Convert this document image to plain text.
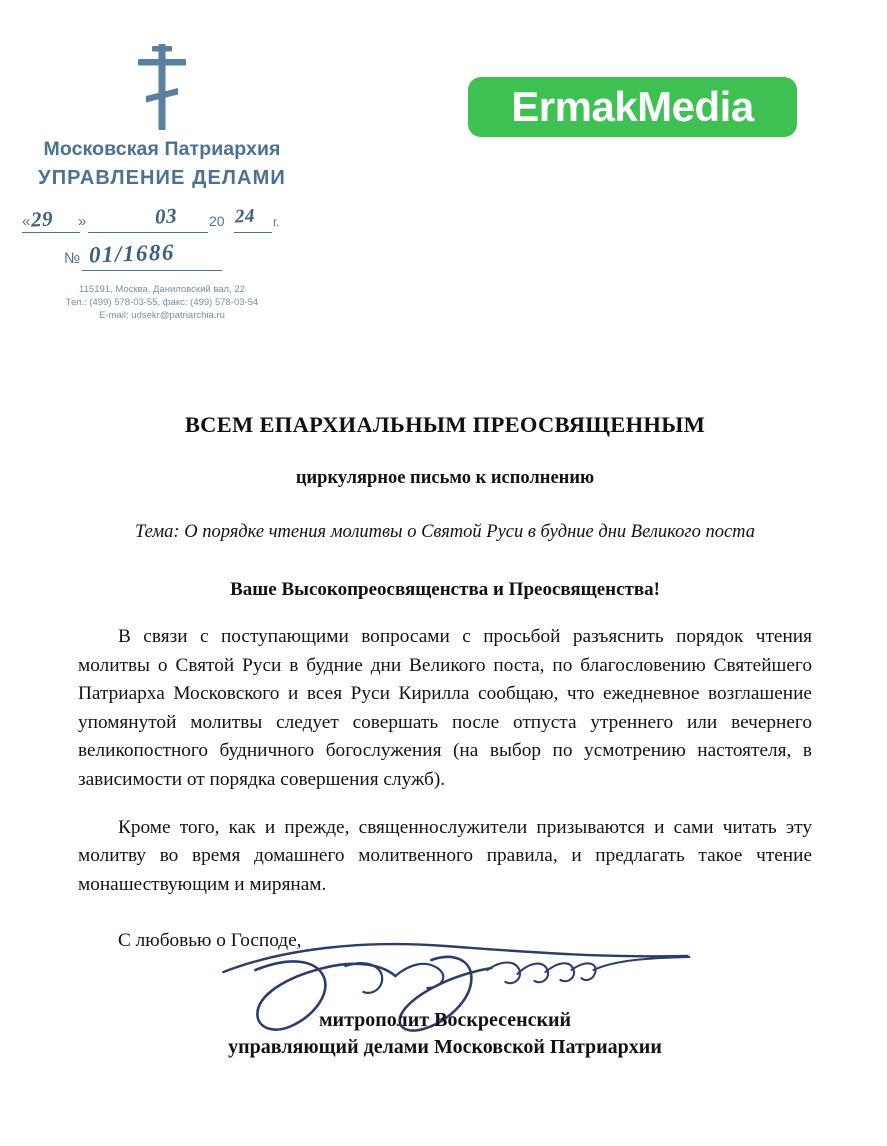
Московская Патриархия
УПРАВЛЕНИЕ ДЕЛАМИ
« 29 »	03 20 24 г.
№ 01/1686
115191, Москва, Даниловский вал, 22
Тел.: (499) 578-03-55, факс: (499) 578-03-54
E-mail: udsekr@patriarchia.ru
ErmakMedia
ВСЕМ ЕПАРХИАЛЬНЫМ ПРЕОСВЯЩЕННЫМ
циркулярное письмо к исполнению
Тема: О порядке чтения молитвы о Святой Руси в будние дни Великого поста
Ваше Высокопреосвященства и Преосвященства!

В связи с поступающими вопросами с просьбой разъяснить порядок чтения молитвы о Святой Руси в будние дни Великого поста, по благословению Святейшего Патриарха Московского и всея Руси Кирилла сообщаю, что ежедневное возглашение упомянутой молитвы следует совершать после отпуста утреннего или вечернего великопостного будничного богослужения (на выбор по усмотрению настоятеля, в зависимости от порядка совершения служб).

Кроме того, как и прежде, священнослужители призываются и сами читать эту молитву во время домашнего молитвенного правила, и предлагать такое чтение монашествующим и мирянам.

С любовью о Господе,
митрополит Воскресенский
управляющий делами Московской Патриархии
